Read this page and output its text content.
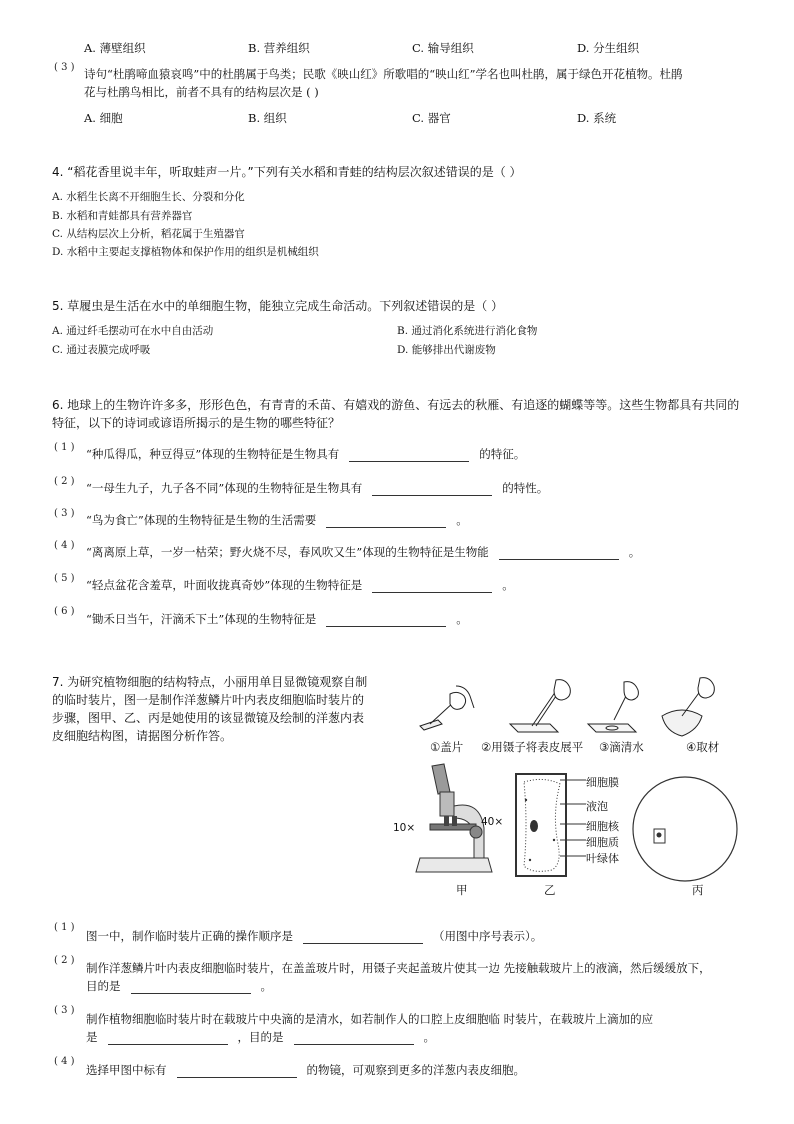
A. 薄壁组织	B. 营养组织	C. 输导组织	D. 分生组织
( 3 ) 诗句“杜鹃啼血猿哀鸣”中的杜鹃属于鸟类；民歌《映山红》所歌唱的“映山红”学名也叫杜鹃，属于绿色开花植物。杜鹃
花与杜鹃鸟相比，前者不具有的结构层次是 ( )
A. 细胞	B. 组织	C. 器官	D. 系统
4. “稻花香里说丰年，听取蛙声一片。”下列有关水稻和青蛙的结构层次叙述错误的是（ ）
A. 水稻生长离不开细胞生长、分裂和分化
B. 水稻和青蛙都具有营养器官
C. 从结构层次上分析，稻花属于生殖器官
D. 水稻中主要起支撑植物体和保护作用的组织是机械组织
5. 草履虫是生活在水中的单细胞生物，能独立完成生命活动。下列叙述错误的是（ ）
A. 通过纤毛摆动可在水中自由活动	B. 通过消化系统进行消化食物
C. 通过表膜完成呼吸	D. 能够排出代谢废物
6. 地球上的生物许许多多，形形色色，有青青的禾苗、有嬉戏的游鱼、有远去的秋雁、有追逐的蝴蝶等等。这些生物都具有共同的
特征，以下的诗词或谚语所揭示的是生物的哪些特征？
( 1 ) “种瓜得瓜，种豆得豆”体现的生物特征是生物具有	的特征。
( 2 ) “一母生九子，九子各不同”体现的生物特征是生物具有	的特性。
( 3 ) “鸟为食亡”体现的生物特征是生物的生活需要	。
( 4 ) “离离原上草，一岁一枯荣；野火烧不尽，春风吹又生”体现的生物特征是生物能	。
( 5 ) “轻点盆花含羞草，叶面收拢真奇妙”体现的生物特征是	。
( 6 )
“锄禾日当午，汗滴禾下土”体现的生物特征是	。
7. 为研究植物细胞的结构特点，小丽用单目显微镜观察自制
的临时装片，图一是制作洋葱鳞片叶内表皮细胞临时装片的
步骤，图甲、乙、丙是她使用的该显微镜及绘制的洋葱内表
皮细胞结构图，请据图分析作答。
①盖片 ②用镊子将表皮展平 ③滴清水	④取材
10×	40×
甲
细胞膜
液泡
细胞核
细胞质
叶绿体
乙	丙
( 1 )
图一中，制作临时装片正确的操作顺序是	（用图中序号表示）。
( 2 )
制作洋葱鳞片叶内表皮细胞临时装片，在盖盖玻片时，用镊子夹起盖玻片使其一边 先接触载玻片上的液滴，然后缓缓放下，
目的是	。
( 3 )
制作植物细胞临时装片时在载玻片中央滴的是清水，如若制作人的口腔上皮细胞临 时装片，在载玻片上滴加的应
是	，目的是	。
( 4 )
选择甲图中标有	的物镜，可观察到更多的洋葱内表皮细胞。
